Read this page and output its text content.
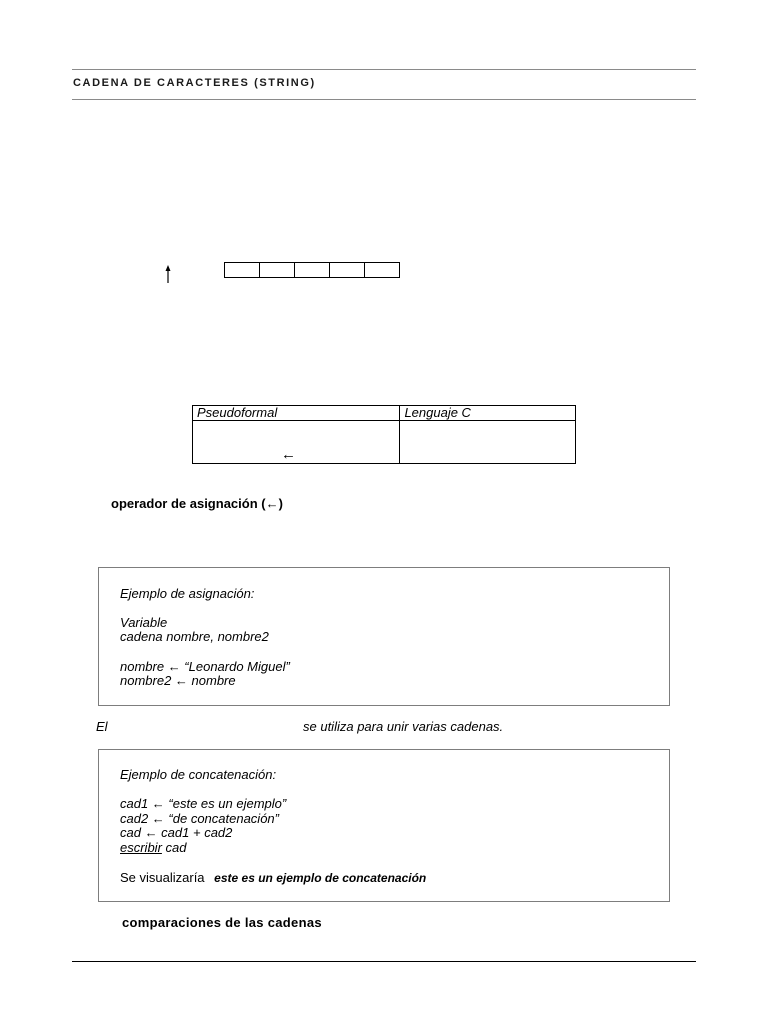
CADENA DE CARACTERES (STRING)
Pseudoformal	Lenguaje C

←	

operador de asignación (←)
Ejemplo de asignación:
Variable
cadena nombre, nombre2
nombre ← “Leonardo Miguel”
nombre2 ← nombre
El	se utiliza para unir varias cadenas.
Ejemplo de concatenación:
cad1 ← “este es un ejemplo”
cad2 ← “de concatenación”
cad ← cad1 + cad2
escribir cad
Se visualizaría este es un ejemplo de concatenación
comparaciones de las cadenas
